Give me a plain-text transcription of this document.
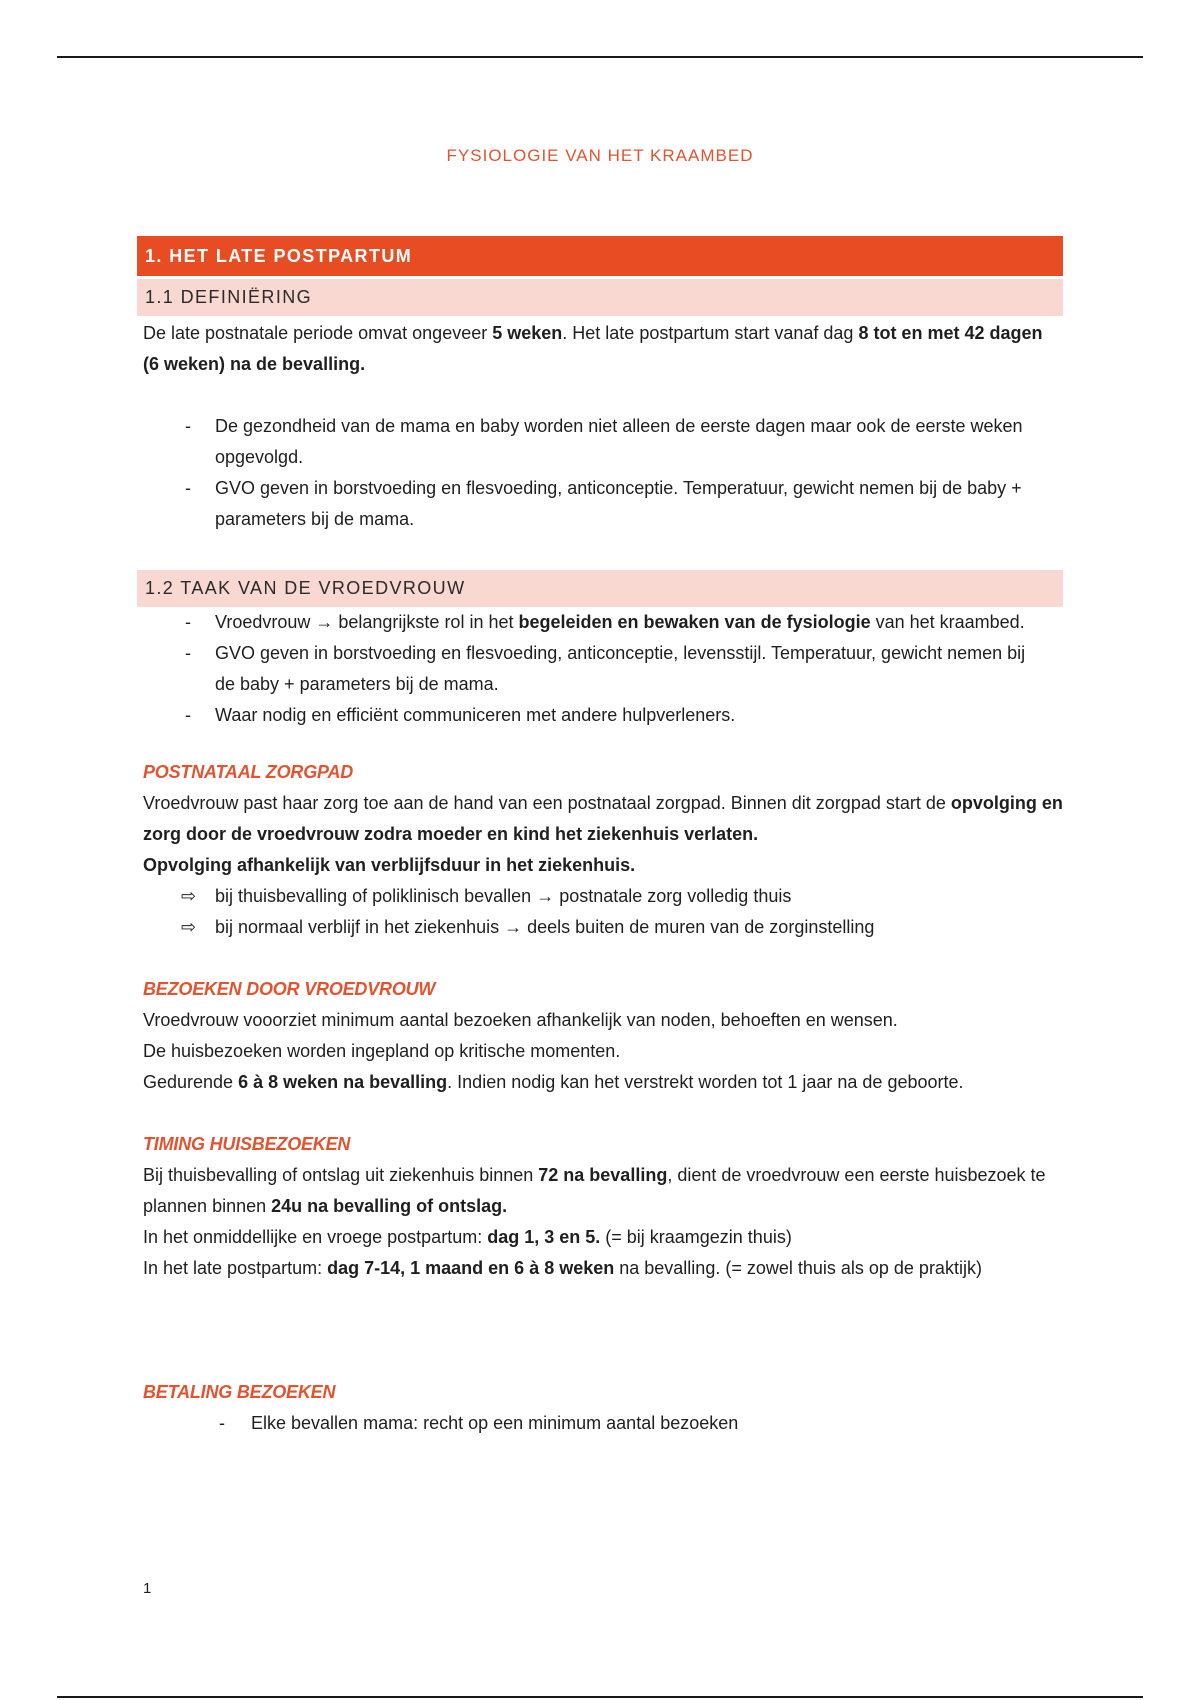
FYSIOLOGIE VAN HET KRAAMBED
1. HET LATE POSTPARTUM
1.1 DEFINIËRING

De late postnatale periode omvat ongeveer 5 weken. Het late postpartum start vanaf dag 8 tot en met 42 dagen (6 weken) na de bevalling.

- De gezondheid van de mama en baby worden niet alleen de eerste dagen maar ook de eerste weken opgevolgd.
- GVO geven in borstvoeding en flesvoeding, anticonceptie. Temperatuur, gewicht nemen bij de baby + parameters bij de mama.
1.2 TAAK VAN DE VROEDVROUW
- Vroedvrouw → belangrijkste rol in het begeleiden en bewaken van de fysiologie van het kraambed.
- GVO geven in borstvoeding en flesvoeding, anticonceptie, levensstijl. Temperatuur, gewicht nemen bij de baby + parameters bij de mama.
- Waar nodig en efficiënt communiceren met andere hulpverleners.
POSTNATAAL ZORGPAD

Vroedvrouw past haar zorg toe aan de hand van een postnataal zorgpad. Binnen dit zorgpad start de opvolging en zorg door de vroedvrouw zodra moeder en kind het ziekenhuis verlaten.

Opvolging afhankelijk van verblijfsduur in het ziekenhuis.

⇨ bij thuisbevalling of poliklinisch bevallen → postnatale zorg volledig thuis
⇨ bij normaal verblijf in het ziekenhuis → deels buiten de muren van de zorginstelling
BEZOEKEN DOOR VROEDVROUW

Vroedvrouw vooorziet minimum aantal bezoeken afhankelijk van noden, behoeften en wensen.

De huisbezoeken worden ingepland op kritische momenten.

Gedurende 6 à 8 weken na bevalling. Indien nodig kan het verstrekt worden tot 1 jaar na de geboorte.

TIMING HUISBEZOEKEN

Bij thuisbevalling of ontslag uit ziekenhuis binnen 72 na bevalling, dient de vroedvrouw een eerste huisbezoek te plannen binnen 24u na bevalling of ontslag.

In het onmiddellijke en vroege postpartum: dag 1, 3 en 5. (= bij kraamgezin thuis)

In het late postpartum: dag 7-14, 1 maand en 6 à 8 weken na bevalling. (= zowel thuis als op de praktijk)

BETALING BEZOEKEN
- Elke bevallen mama: recht op een minimum aantal bezoeken
1
